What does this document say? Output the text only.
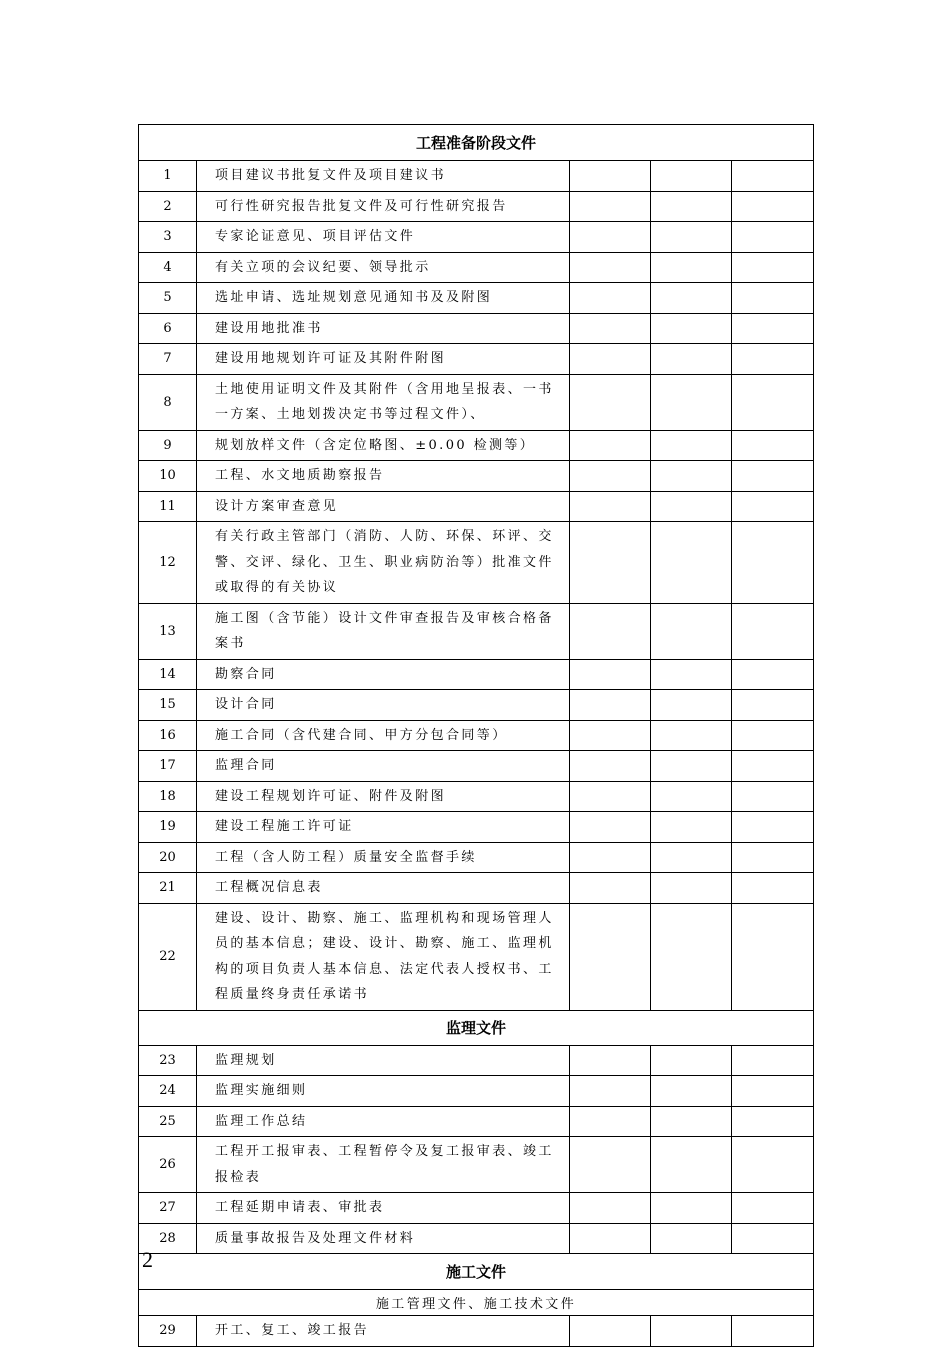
工程准备阶段文件				
1	项目建议书批复文件及项目建议书			
2	可行性研究报告批复文件及可行性研究报告			
3	专家论证意见、项目评估文件			
4	有关立项的会议纪要、领导批示			
5	选址申请、选址规划意见通知书及及附图			
6	建设用地批准书			
7	建设用地规划许可证及其附件附图			
8	土地使用证明文件及其附件（含用地呈报表、一书一方案、土地划拨决定书等过程文件）、			
9	规划放样文件（含定位略图、±0.00 检测等）			
10	工程、水文地质勘察报告			
11	设计方案审查意见			
12	有关行政主管部门（消防、人防、环保、环评、交警、交评、绿化、卫生、职业病防治等）批准文件或取得的有关协议			
13	施工图（含节能）设计文件审查报告及审核合格备案书			
14	勘察合同			
15	设计合同			
16	施工合同（含代建合同、甲方分包合同等）			
17	监理合同			
18	建设工程规划许可证、附件及附图			
19	建设工程施工许可证			
20	工程（含人防工程）质量安全监督手续			
21	工程概况信息表			
22	建设、设计、勘察、施工、监理机构和现场管理人员的基本信息；建设、设计、勘察、施工、监理机构的项目负责人基本信息、法定代表人授权书、工程质量终身责任承诺书			
监理文件				
23	监理规划			
24	监理实施细则			
25	监理工作总结			
26	工程开工报审表、工程暂停令及复工报审表、竣工报检表			
27	工程延期申请表、审批表			
28	质量事故报告及处理文件材料			
施工文件				
施工管理文件、施工技术文件				
29	开工、复工、竣工报告			
2
